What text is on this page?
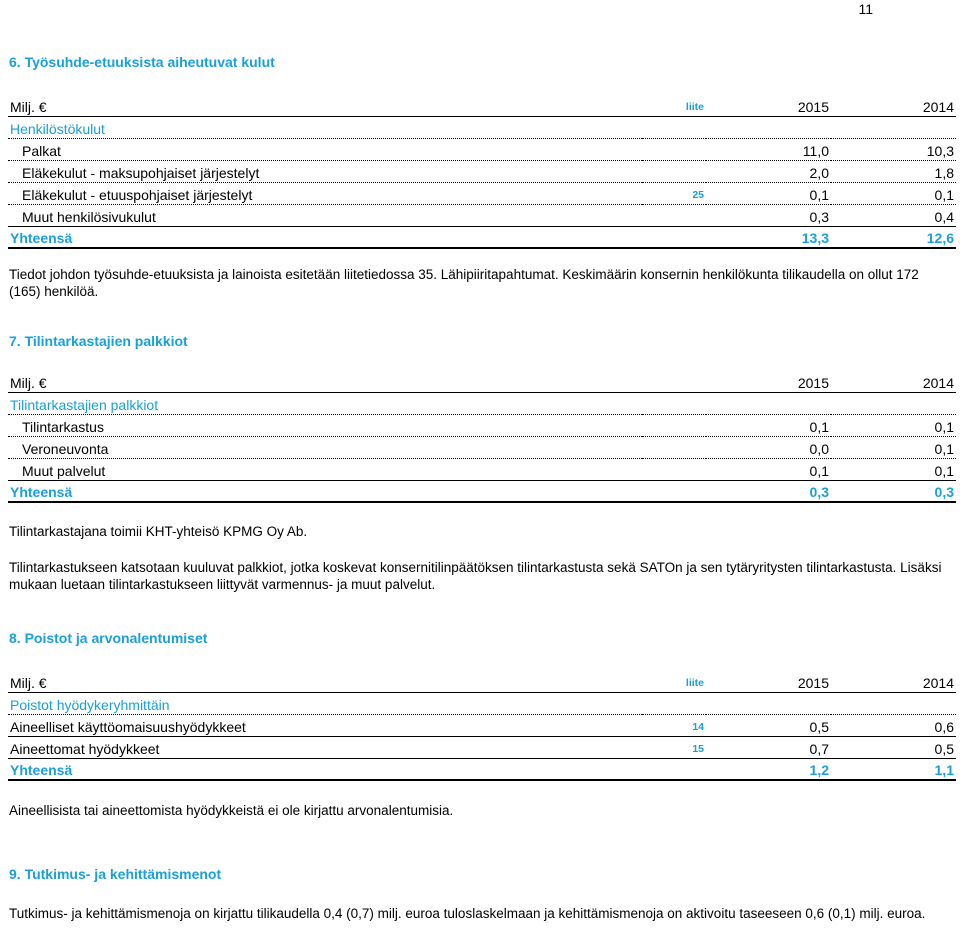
11
6. Työsuhde-etuuksista aiheutuvat kulut
Milj. €	liite	2015	2014
Henkilöstökulut			
Palkat		11,0	10,3
Eläkekulut - maksupohjaiset järjestelyt		2,0	1,8
Eläkekulut - etuuspohjaiset järjestelyt	25	0,1	0,1
Muut henkilösivukulut		0,3	0,4
Yhteensä		13,3	12,6
Tiedot johdon työsuhde-etuuksista ja lainoista esitetään liitetiedossa 35. Lähipiiritapahtumat. Keskimäärin konsernin henkilökunta tilikaudella on ollut 172 (165) henkilöä.
7. Tilintarkastajien palkkiot
Milj. €		2015	2014
Tilintarkastajien palkkiot			
Tilintarkastus		0,1	0,1
Veroneuvonta		0,0	0,1
Muut palvelut		0,1	0,1
Yhteensä		0,3	0,3
Tilintarkastajana toimii KHT-yhteisö KPMG Oy Ab.
Tilintarkastukseen katsotaan kuuluvat palkkiot, jotka koskevat konsernitilinpäätöksen tilintarkastusta sekä SATOn ja sen tytäryritysten tilintarkastusta. Lisäksi mukaan luetaan tilintarkastukseen liittyvät varmennus- ja muut palvelut.
8. Poistot ja arvonalentumiset
Milj. €	liite	2015	2014
Poistot hyödykeryhmittäin			
Aineelliset käyttöomaisuushyödykkeet	14	0,5	0,6
Aineettomat hyödykkeet	15	0,7	0,5
Yhteensä		1,2	1,1
Aineellisista tai aineettomista hyödykkeistä ei ole kirjattu arvonalentumisia.
9. Tutkimus- ja kehittämismenot
Tutkimus- ja kehittämismenoja on kirjattu tilikaudella 0,4 (0,7) milj. euroa tuloslaskelmaan ja kehittämismenoja on aktivoitu taseeseen 0,6 (0,1) milj. euroa.
